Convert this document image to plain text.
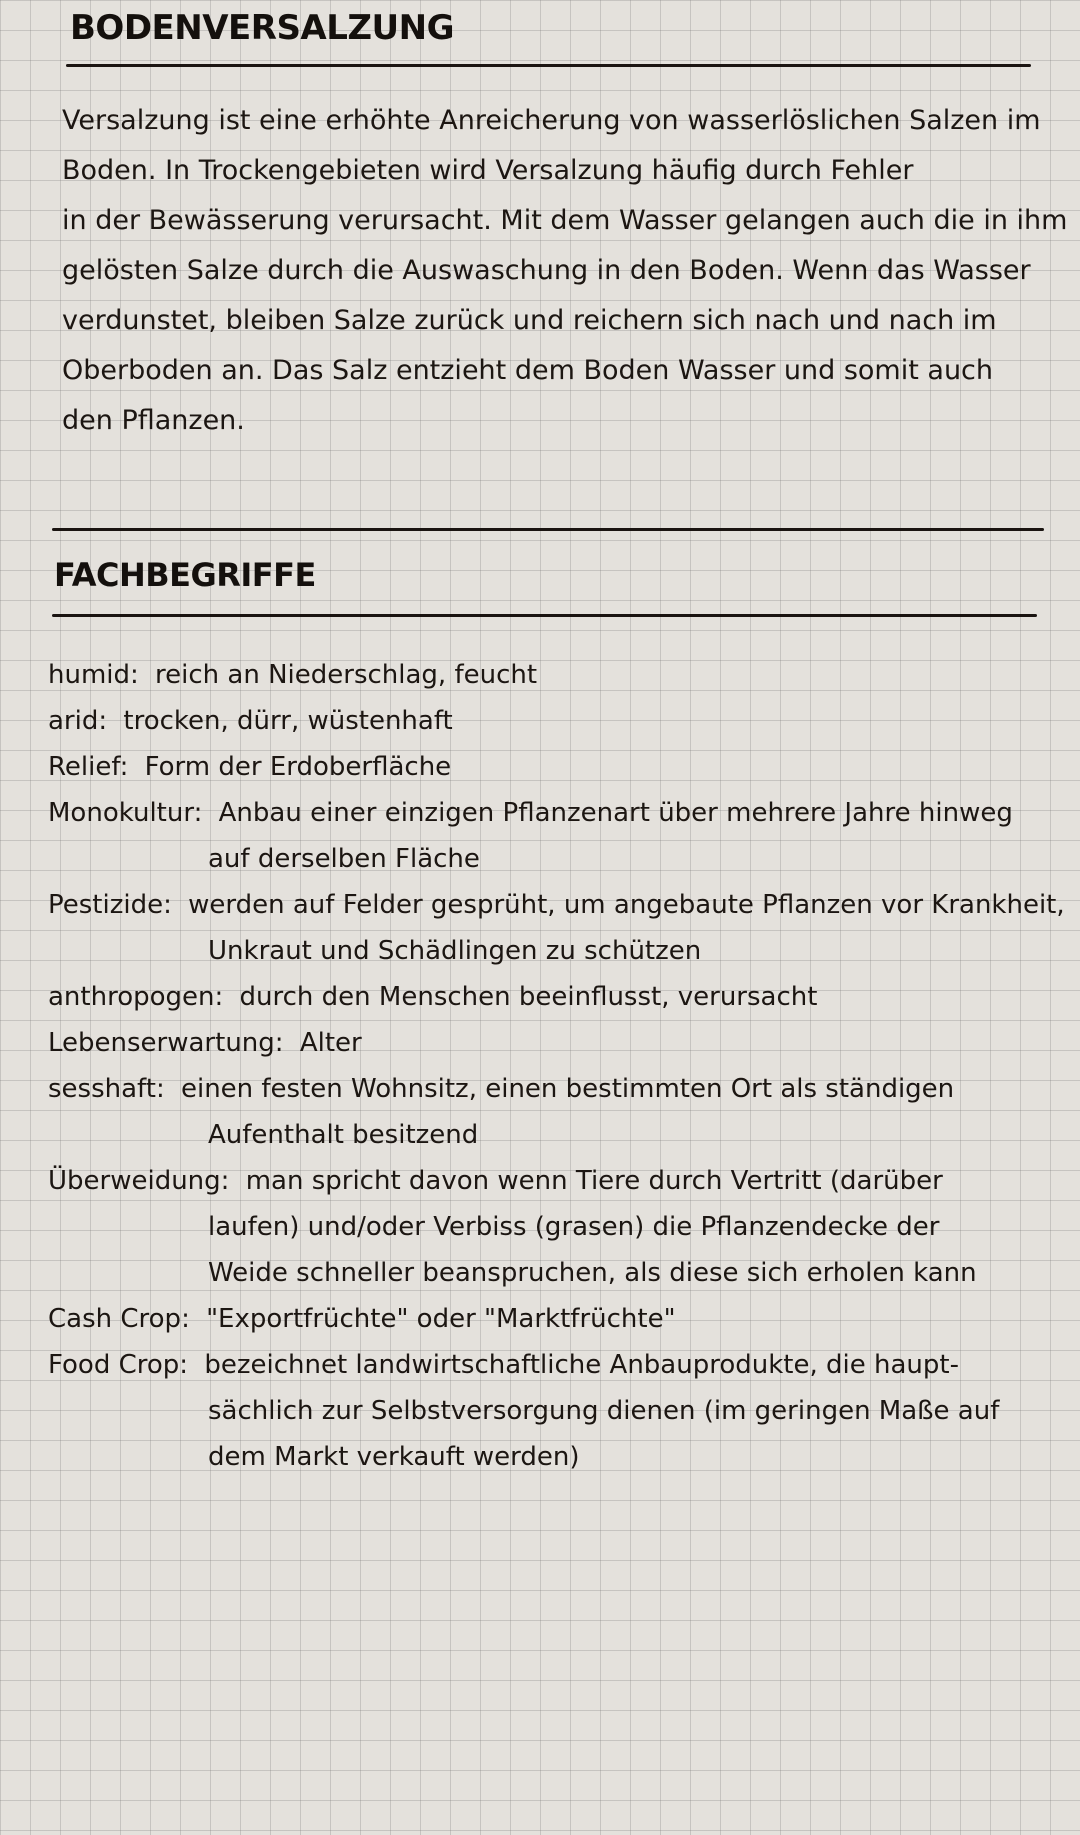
BODENVERSALZUNG
Versalzung ist eine erhöhte Anreicherung von wasserlöslichen Salzen im
Boden. In Trockengebieten wird Versalzung häufig durch Fehler
in der Bewässerung verursacht. Mit dem Wasser gelangen auch die in ihm
gelösten Salze durch die Auswaschung in den Boden. Wenn das Wasser
verdunstet, bleiben Salze zurück und reichern sich nach und nach im
Oberboden an. Das Salz entzieht dem Boden Wasser und somit auch
den Pflanzen.
FACHBEGRIFFE
humid: reich an Niederschlag, feucht
arid: trocken, dürr, wüstenhaft
Relief: Form der Erdoberfläche
Monokultur: Anbau einer einzigen Pflanzenart über mehrere Jahre hinweg
auf derselben Fläche
Pestizide: werden auf Felder gesprüht, um angebaute Pflanzen vor Krankheit,
Unkraut und Schädlingen zu schützen
anthropogen: durch den Menschen beeinflusst, verursacht
Lebenserwartung: Alter
sesshaft: einen festen Wohnsitz, einen bestimmten Ort als ständigen
Aufenthalt besitzend
Überweidung: man spricht davon wenn Tiere durch Vertritt (darüber
laufen) und/oder Verbiss (grasen) die Pflanzendecke der
Weide schneller beanspruchen, als diese sich erholen kann
Cash Crop: "Exportfrüchte" oder "Marktfrüchte"
Food Crop: bezeichnet landwirtschaftliche Anbauprodukte, die haupt-
sächlich zur Selbstversorgung dienen (im geringen Maße auf
dem Markt verkauft werden)
